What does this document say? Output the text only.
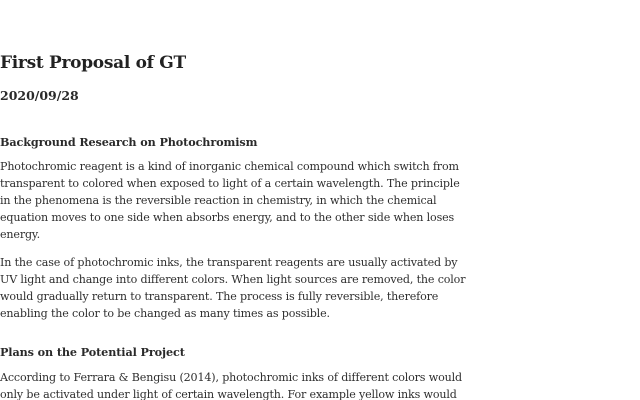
First Proposal of GT
2020/09/28
Background Research on Photochromism
Photochromic reagent is a kind of inorganic chemical compound which switch from
transparent to colored when exposed to light of a certain wavelength. The principle
in the phenomena is the reversible reaction in chemistry, in which the chemical
equation moves to one side when absorbs energy, and to the other side when loses
energy.
In the case of photochromic inks, the transparent reagents are usually activated by
UV light and change into different colors. When light sources are removed, the color
would gradually return to transparent. The process is fully reversible, therefore
enabling the color to be changed as many times as possible.
Plans on the Potential Project
According to Ferrara & Bengisu (2014), photochromic inks of different colors would
only be activated under light of certain wavelength. For example yellow inks would
